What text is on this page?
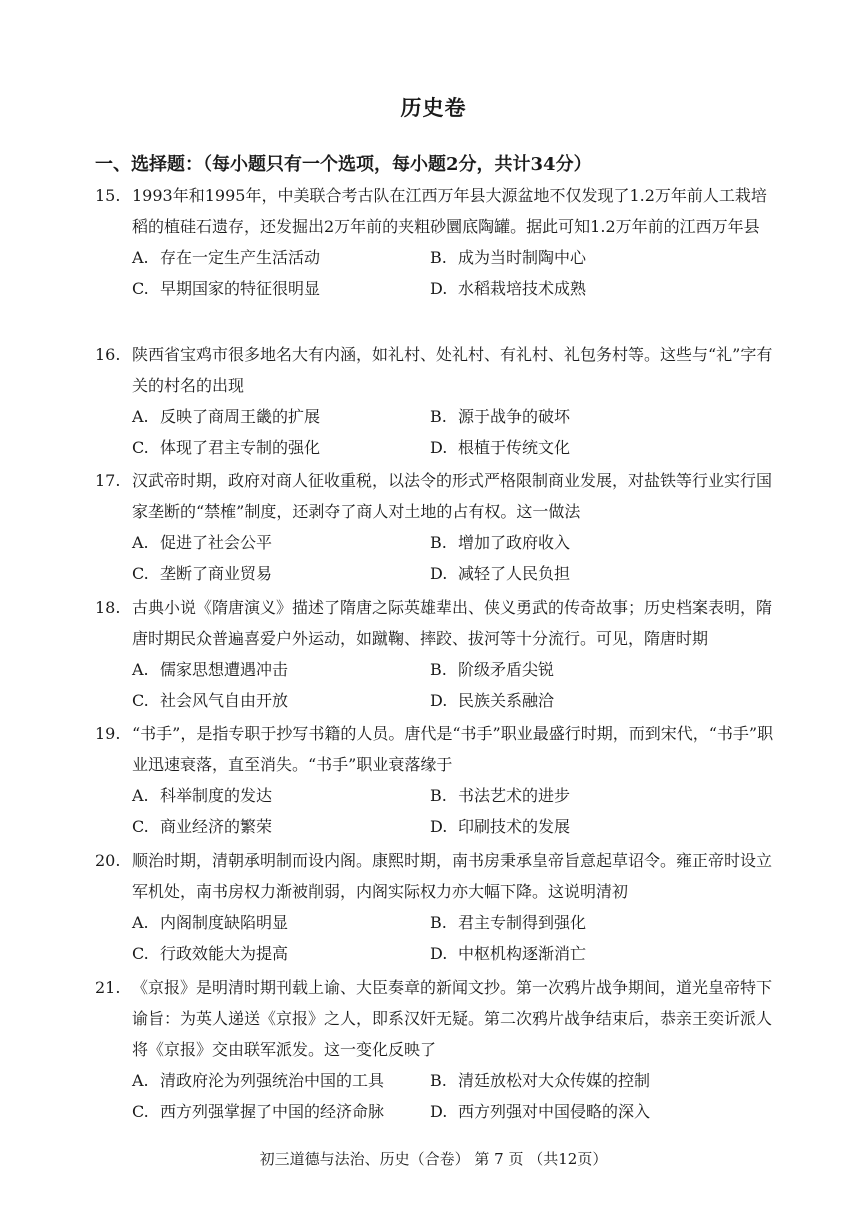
历史卷
一、选择题：（每小题只有一个选项，每小题2分，共计34分）
15. 1993年和1995年，中美联合考古队在江西万年县大源盆地不仅发现了1.2万年前人工栽培稻的植硅石遗存，还发掘出2万年前的夹粗砂圜底陶罐。据此可知1.2万年前的江西万年县
A. 存在一定生产生活活动	B. 成为当时制陶中心
C. 早期国家的特征很明显	D. 水稻栽培技术成熟
16. 陕西省宝鸡市很多地名大有内涵，如礼村、处礼村、有礼村、礼包务村等。这些与“礼”字有关的村名的出现
A. 反映了商周王畿的扩展	B. 源于战争的破坏
C. 体现了君主专制的强化	D. 根植于传统文化
17. 汉武帝时期，政府对商人征收重税，以法令的形式严格限制商业发展，对盐铁等行业实行国家垄断的“禁榷”制度，还剥夺了商人对土地的占有权。这一做法
A. 促进了社会公平	B. 增加了政府收入
C. 垄断了商业贸易	D. 减轻了人民负担
18. 古典小说《隋唐演义》描述了隋唐之际英雄辈出、侠义勇武的传奇故事；历史档案表明，隋唐时期民众普遍喜爱户外运动，如蹴鞠、摔跤、拔河等十分流行。可见，隋唐时期
A. 儒家思想遭遇冲击	B. 阶级矛盾尖锐
C. 社会风气自由开放	D. 民族关系融洽
19. “书手”，是指专职于抄写书籍的人员。唐代是“书手”职业最盛行时期，而到宋代，“书手”职业迅速衰落，直至消失。“书手”职业衰落缘于
A. 科举制度的发达	B. 书法艺术的进步
C. 商业经济的繁荣	D. 印刷技术的发展
20. 顺治时期，清朝承明制而设内阁。康熙时期，南书房秉承皇帝旨意起草诏令。雍正帝时设立军机处，南书房权力渐被削弱，内阁实际权力亦大幅下降。这说明清初
A. 内阁制度缺陷明显	B. 君主专制得到强化
C. 行政效能大为提高	D. 中枢机构逐渐消亡
21. 《京报》是明清时期刊载上谕、大臣奏章的新闻文抄。第一次鸦片战争期间，道光皇帝特下谕旨：为英人递送《京报》之人，即系汉奸无疑。第二次鸦片战争结束后，恭亲王奕䜣派人将《京报》交由联军派发。这一变化反映了
A. 清政府沦为列强统治中国的工具	B. 清廷放松对大众传媒的控制
C. 西方列强掌握了中国的经济命脉	D. 西方列强对中国侵略的深入
初三道德与法治、历史（合卷） 第 7 页 （共12页）
